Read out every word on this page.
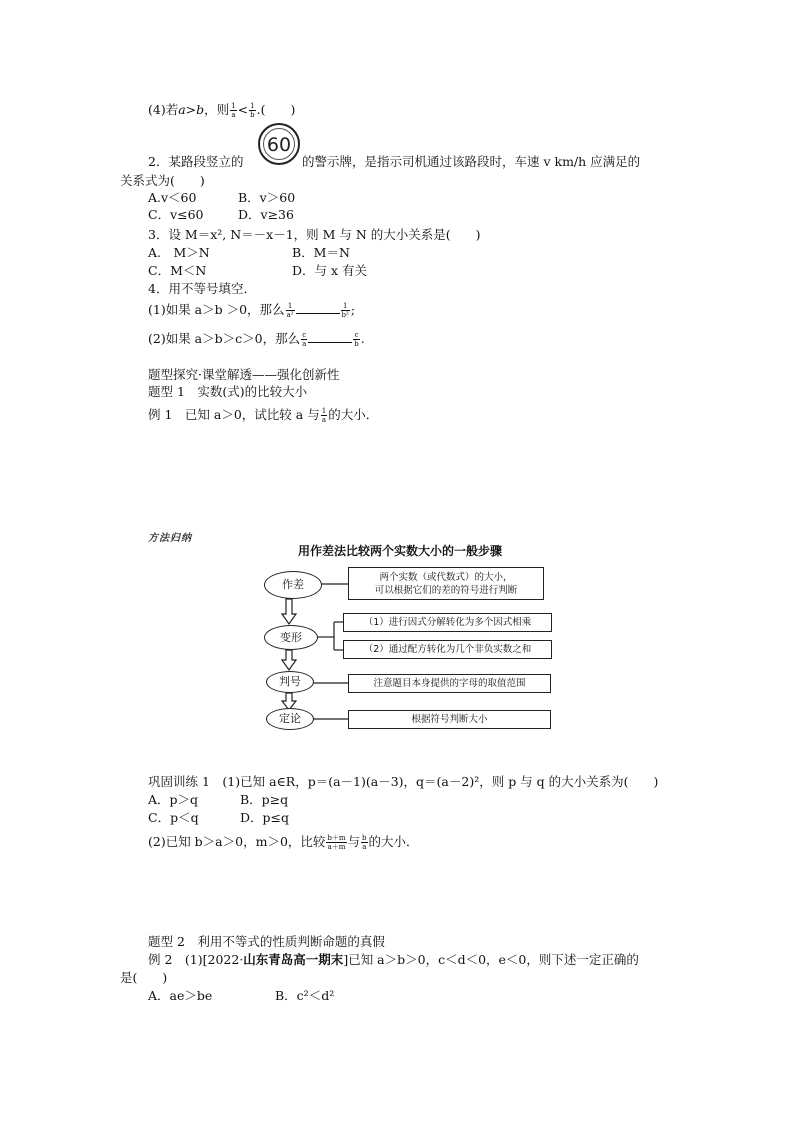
(4)若a>b，则 $\frac{1}{a} < \frac{1}{b}$ .(　　)
2．某路段竖立的
60
的警示牌，是指示司机通过该路段时，车速 v km/h 应满足的
关系式为(　　)
A.v＜60	B．v＞60
C．v≤60	D．v≥36
3．设 M＝x², N＝－x－1，则 M 与 N 的大小关系是(　　)
A.　M＞N	B．M＝N
C．M＜N	D．与 x 有关
4．用不等号填空．
(1)如果 a＞b ＞0，那么 $\frac{1}{\text{a²}}$	$\frac{1}{\text{b²}}$ ;
(2)如果 a＞b＞c＞0，那么 $\frac{c}{a}$	$\frac{c}{b}$ .
题型探究·课堂解透——强化创新性
题型 1　实数(式)的比较大小
例 1　已知 a＞0，试比较 a 与 $\frac{1}{a}$ 的大小．
方法归纳
用作差法比较两个实数大小的一般步骤
作差
变形
判号
定论
两个实数（或代数式）的大小，
可以根据它们的差的符号进行判断
（1）进行因式分解转化为多个因式相乘
（2）通过配方转化为几个非负实数之和
注意题目本身提供的字母的取值范围
根据符号判断大小
巩固训练 1　(1)已知 a∈R，p＝(a－1)(a－3)，q＝(a－2)²，则 p 与 q 的大小关系为(　　)
A．p＞q	B．p≥q
C．p＜q	D．p≤q
(2)已知 b＞a＞0，m＞0，比较 $\frac{b+m}{a+m}$ 与 $\frac{b}{a}$ 的大小．
题型 2　利用不等式的性质判断命题的真假
例 2　(1)[2022·山东青岛高一期末]已知 a＞b＞0，c＜d＜0，e＜0，则下述一定正确的
是(　　)
A．ae＞be	B．c²＜d²
